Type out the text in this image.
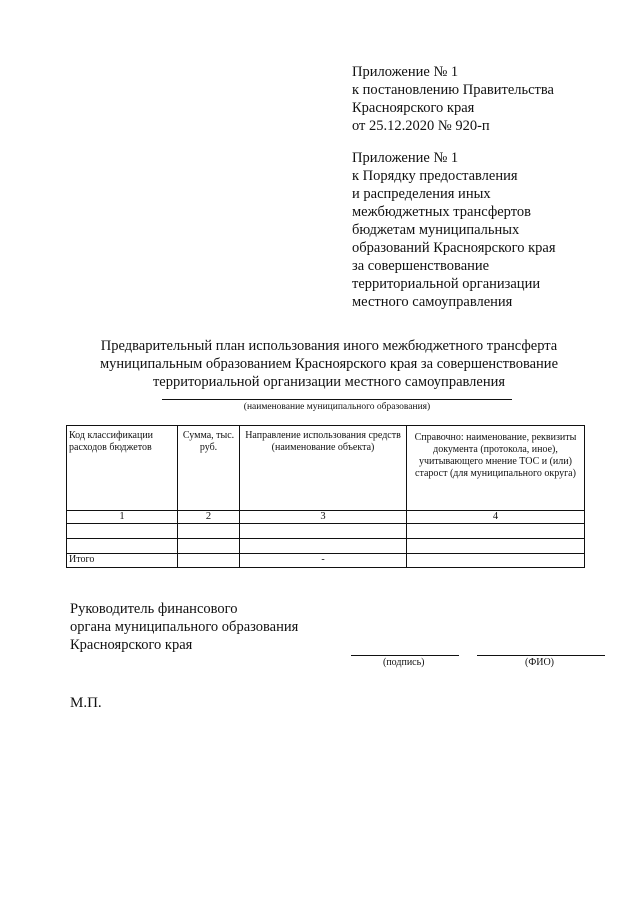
Приложение № 1
к постановлению Правительства
Красноярского края
от 25.12.2020 № 920-п
Приложение № 1
к Порядку предоставления
и распределения иных
межбюджетных трансфертов
бюджетам муниципальных
образований Красноярского края
за совершенствование
территориальной организации
местного самоуправления
Предварительный план использования иного межбюджетного трансферта
муниципальным образованием Красноярского края за совершенствование
территориальной организации местного самоуправления
(наименование муниципального образования)
Код классификации расходов бюджетов	Сумма, тыс. руб.	Направление использования средств (наименование объекта)	Справочно: наименование, реквизиты документа (протокола, иное), учитывающего мнение ТОС и (или) старост (для муниципального округа)

1	2	3	4

Итого		-	
Руководитель финансового
органа муниципального образования
Красноярского края
(подпись)	(ФИО)
М.П.
